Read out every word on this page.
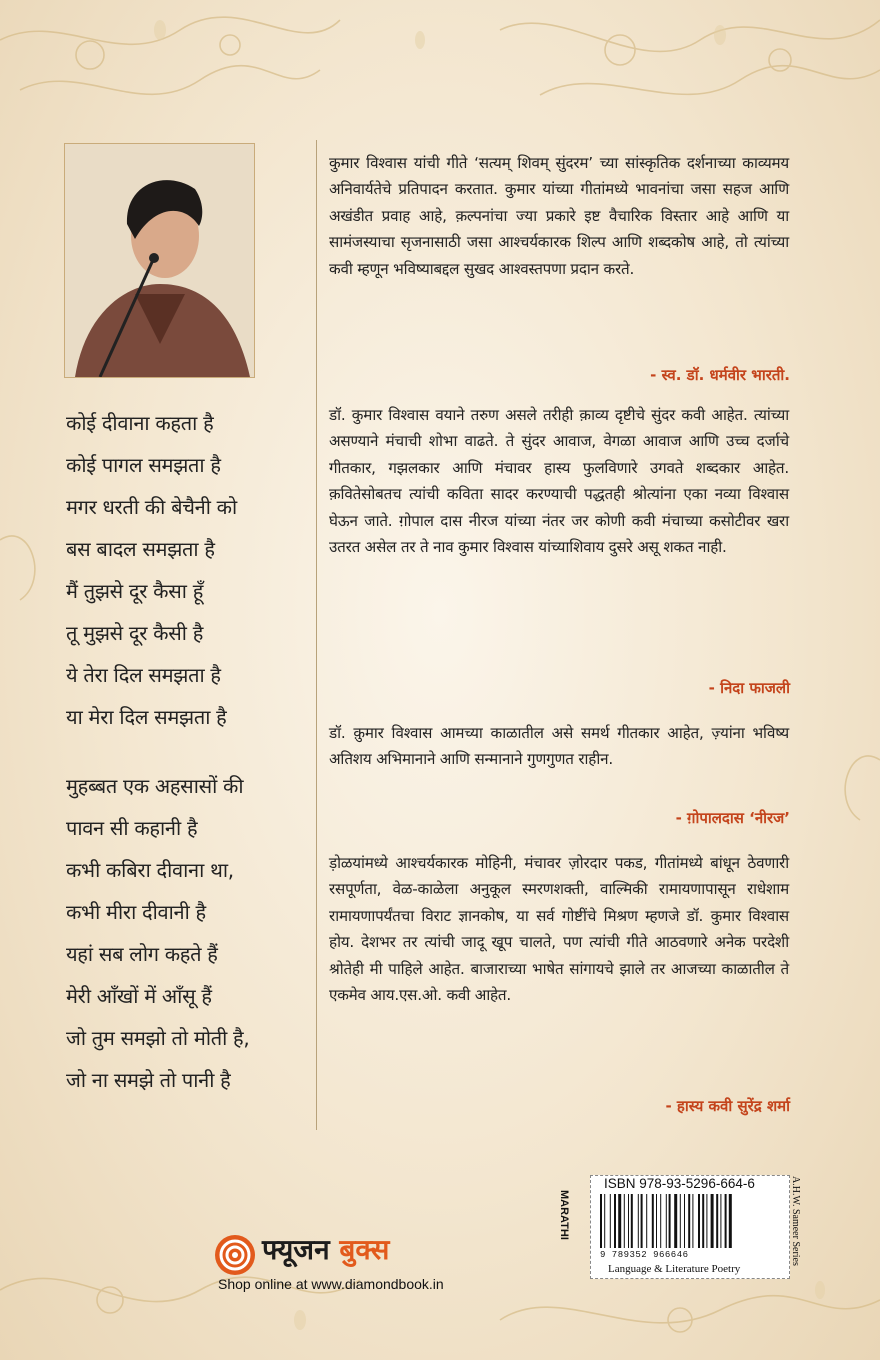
कोई दीवाना कहता है
कोई पागल समझता है
मगर धरती की बेचैनी को
बस बादल समझता है
मैं तुझसे दूर कैसा हूँ
तू मुझसे दूर कैसी है
ये तेरा दिल समझता है
या मेरा दिल समझता है
मुहब्बत एक अहसासों की
पावन सी कहानी है
कभी कबिरा दीवाना था,
कभी मीरा दीवानी है
यहां सब लोग कहते हैं
मेरी आँखों में आँसू हैं
जो तुम समझो तो मोती है,
जो ना समझे तो पानी है

कुमार विश्वास यांची गीते ‘सत्यम् शिवम् सुंदरम’ च्या सांस्कृतिक दर्शनाच्या काव्यमय अनिवार्यतेचे प्रतिपादन करतात. कुमार यांच्या गीतांमध्ये भावनांचा जसा सहज आणि अखंडीत प्रवाह आहे, क़ल्पनांचा ज्या प्रकारे इष्ट वैचारिक विस्तार आहे आणि या सामंजस्याचा सृजनासाठी जसा आश्चर्यकारक शिल्प आणि शब्दकोष आहे, तो त्यांच्या कवी म्हणून भविष्याबद्दल सुखद आश्वस्तपणा प्रदान करते.

- स्व. डॉ. धर्मवीर भारती.

डॉ. कुमार विश्वास वयाने तरुण असले तरीही क़ाव्य दृष्टीचे सुंदर कवी आहेत. त्यांच्या असण्याने मंचाची शोभा वाढते. ते सुंदर आवाज, वेगळा आवाज आणि उच्च दर्जाचे गीतकार, गझलकार आणि मंचावर हास्य फुलविणारे उगवते शब्दकार आहेत. क़वितेसोबतच त्यांची कविता सादर करण्याची पद्धतही श्रोत्यांना एका नव्या विश्वास घेऊन जाते. ग़ोपाल दास नीरज यांच्या नंतर जर कोणी कवी मंचाच्या कसोटीवर खरा उतरत असेल तर ते नाव कुमार विश्वास यांच्याशिवाय दुसरे असू शकत नाही.

- निदा फाजली

डॉ. क़ुमार विश्वास आमच्या काळातील असे समर्थ गीतकार आहेत, ज़्यांना भविष्य अतिशय अभिमानाने आणि सन्मानाने गुणगुणत राहीन.

- ग़ोपालदास ‘नीरज’

ड़ोळयांमध्ये आश्चर्यकारक मोहिनी, मंचावर ज़ोरदार पकड, गीतांमध्ये बांधून ठेवणारी रसपूर्णता, वेळ-काळेला अनुकूल स्मरणशक्ती, वाल्मिकी रामायणापासून राधेशाम रामायणापर्यंतचा विराट ज्ञानकोष, या सर्व गोष्टींचे मिश्रण म्हणजे डॉ. कुमार विश्वास होय. देशभर तर त्यांची जादू खूप चालते, पण त्यांची गीते आठवणारे अनेक परदेशी श्रोतेही मी पाहिले आहेत. बाजाराच्या भाषेत सांगायचे झाले तर आजच्या काळातील ते एकमेव आय.एस.ओ. कवी आहेत.

- हास्य कवी सुरेंद्र शर्मा
MARATHI
ISBN 978-93-5296-664-6
9 789352 966646
Language & Literature Poetry
A.H.W. Sameer Series
फ्यूजन बुक्स
Shop online at www.diamondbook.in
